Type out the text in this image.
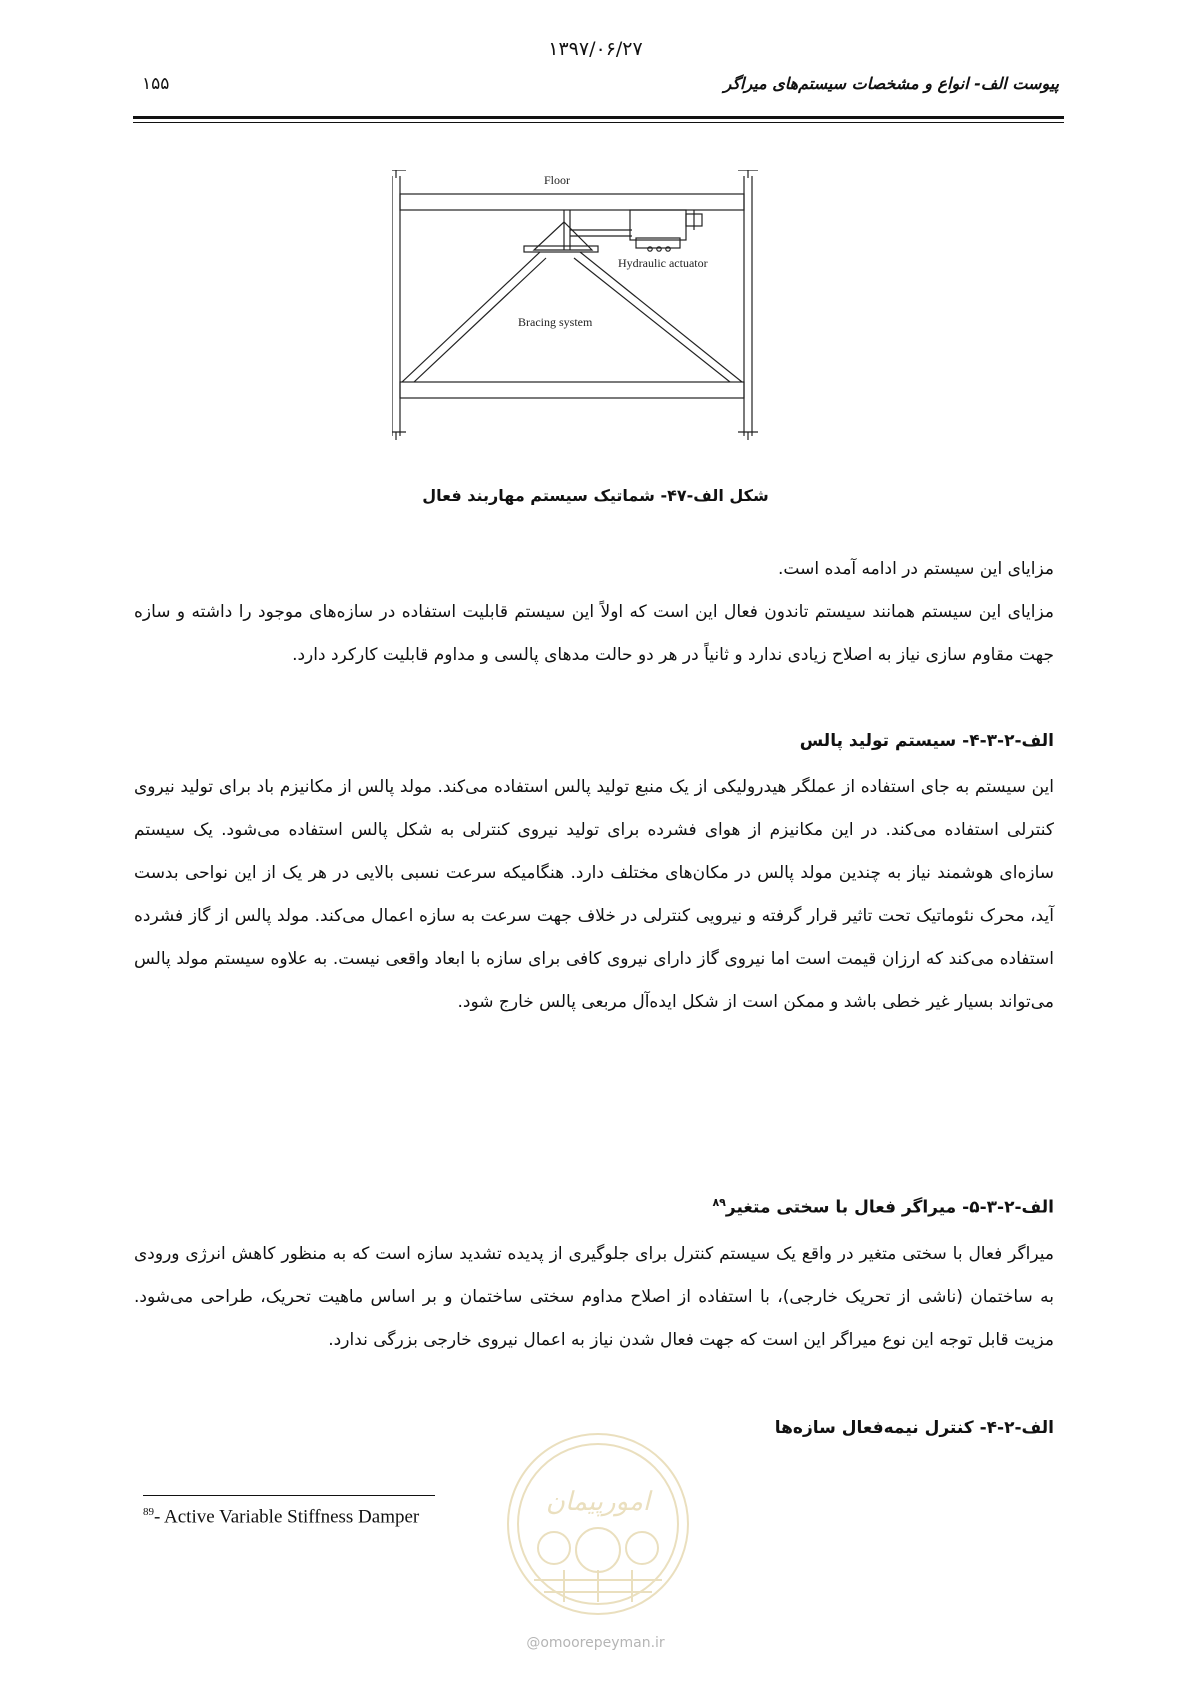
۱۳۹۷/۰۶/۲۷
۱۵۵	پیوست الف- انواع و مشخصات سیستم‌های میراگر
Floor
Hydraulic actuator
Bracing system
شکل الف-۴۷- شماتیک سیستم مهاربند فعال
مزایای این سیستم در ادامه آمده است.
مزایای این سیستم همانند سیستم تاندون فعال این است که اولاً این سیستم قابلیت استفاده در سازه‌های موجود را داشته و سازه جهت مقاوم سازی نیاز به اصلاح زیادی ندارد و ثانیاً در هر دو حالت مدهای پالسی و مداوم قابلیت کارکرد دارد.
الف-۲-۳-۴- سیستم تولید پالس
این سیستم به جای استفاده از عملگر هیدرولیکی از یک منبع تولید پالس استفاده می‌کند. مولد پالس از مکانیزم باد برای تولید نیروی کنترلی استفاده می‌کند. در این مکانیزم از هوای فشرده برای تولید نیروی کنترلی به شکل پالس استفاده می‌شود. یک سیستم سازه‌ای هوشمند نیاز به چندین مولد پالس در مکان‌های مختلف دارد. هنگامیکه سرعت نسبی بالایی در هر یک از این نواحی بدست آید، محرک نئوماتیک تحت تاثیر قرار گرفته و نیرویی کنترلی در خلاف جهت سرعت به سازه اعمال می‌کند. مولد پالس از گاز فشرده استفاده می‌کند که ارزان قیمت است اما نیروی گاز دارای نیروی کافی برای سازه با ابعاد واقعی نیست. به علاوه سیستم مولد پالس می‌تواند بسیار غیر خطی باشد و ممکن است از شکل ایده‌آل مربعی پالس خارج شود.
الف-۲-۳-۵- میراگر فعال با سختی متغیر$^{۸۹}$
میراگر فعال با سختی متغیر در واقع یک سیستم کنترل برای جلوگیری از پدیده تشدید سازه است که به منظور کاهش انرژی ورودی به ساختمان (ناشی از تحریک خارجی)، با استفاده از اصلاح مداوم سختی ساختمان و بر اساس ماهیت تحریک، طراحی می‌شود. مزیت قابل توجه این نوع میراگر این است که جهت فعال شدن نیاز به اعمال نیروی خارجی بزرگی ندارد.
الف-۲-۴- کنترل نیمه‌فعال سازه‌ها
$^{89}$- Active Variable Stiffness Damper
امورپیمان
@omoorepeyman.ir
